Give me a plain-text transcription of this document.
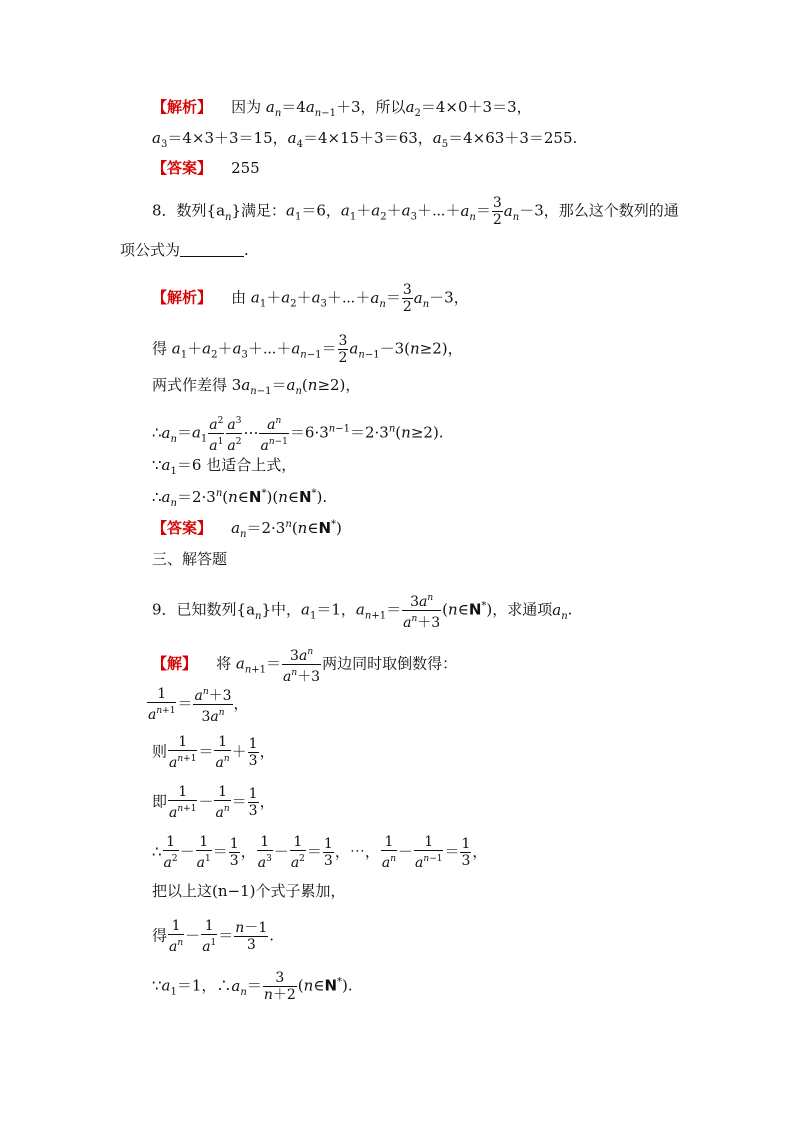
【解析】 因为 $a_n=4a_{n-1}+3$，所以$a_2=4\times 0+3=3$，
$a_3=4\times 3+3=15$，$a_4=4\times 15+3=63$，$a_5=4\times 63+3=255$.
【答案】 255
8．数列$\{a_n\}$满足：$a_1=6$，$a_1+a_2+a_3+\cdots+a_n= \frac{3}{2} a_n-3$，那么这个数列的通
项公式为	.
【解析】 由 $a_1+a_2+a_3+\cdots+a_n= \frac{3}{2} a_n-3$，
得 $a_1+a_2+a_3+\cdots+a_{n-1}= \frac{3}{2} a_{n-1}-3(n\ge 2)$，
两式作差得 $3a_{n-1}=a_n(n\ge 2)$，
$\therefore a_n=a_1 \frac{a^2}{a^1} \frac{a^3}{a^2}$ ⋯ $\frac{a^n}{a^{n-1}} =6\cdot 3^{n-1}=2\cdot 3^n(n\ge 2)$.
$\because a_1=6$ 也适合上式，
$\therefore a_n=2\cdot 3^n(n\in N^*)(n\in N^*)$.
【答案】 $a_n=2\cdot 3^n(n\in N^*)$
三、解答题
9．已知数列$\{a_n\}$中，$a_1=1$，$a_{n+1}= \frac{3a^n}{a^n+3}$ (n∈N*)，求通项$a_n$.
【解】    将 $a_{n+1}= \frac{3a^n}{a^n+3}$ 两边同时取倒数得：
$\frac{1}{a^{n+1}} = \frac{a^n+3}{3a^n}$ ，
则 $\frac{1}{a^{n+1}} = \frac{1}{a^n} + \frac{1}{3}$ ，
即 $\frac{1}{a^{n+1}} - \frac{1}{a^n} = \frac{1}{3}$ ，
∴ $\frac{1}{a^2} - \frac{1}{a^1} = \frac{1}{3}$ ， $\frac{1}{a^3} - \frac{1}{a^2} = \frac{1}{3}$ ，⋯， $\frac{1}{a^n} - \frac{1}{a^{n-1}} = \frac{1}{3}$ ，
把以上这(n−1)个式子累加，
得 $\frac{1}{a^n} - \frac{1}{a^1} = \frac{n-1}{3}$ .
$\because a_1=1$，$\therefore a_n= \frac{3}{n+2}$ (n∈N*).
